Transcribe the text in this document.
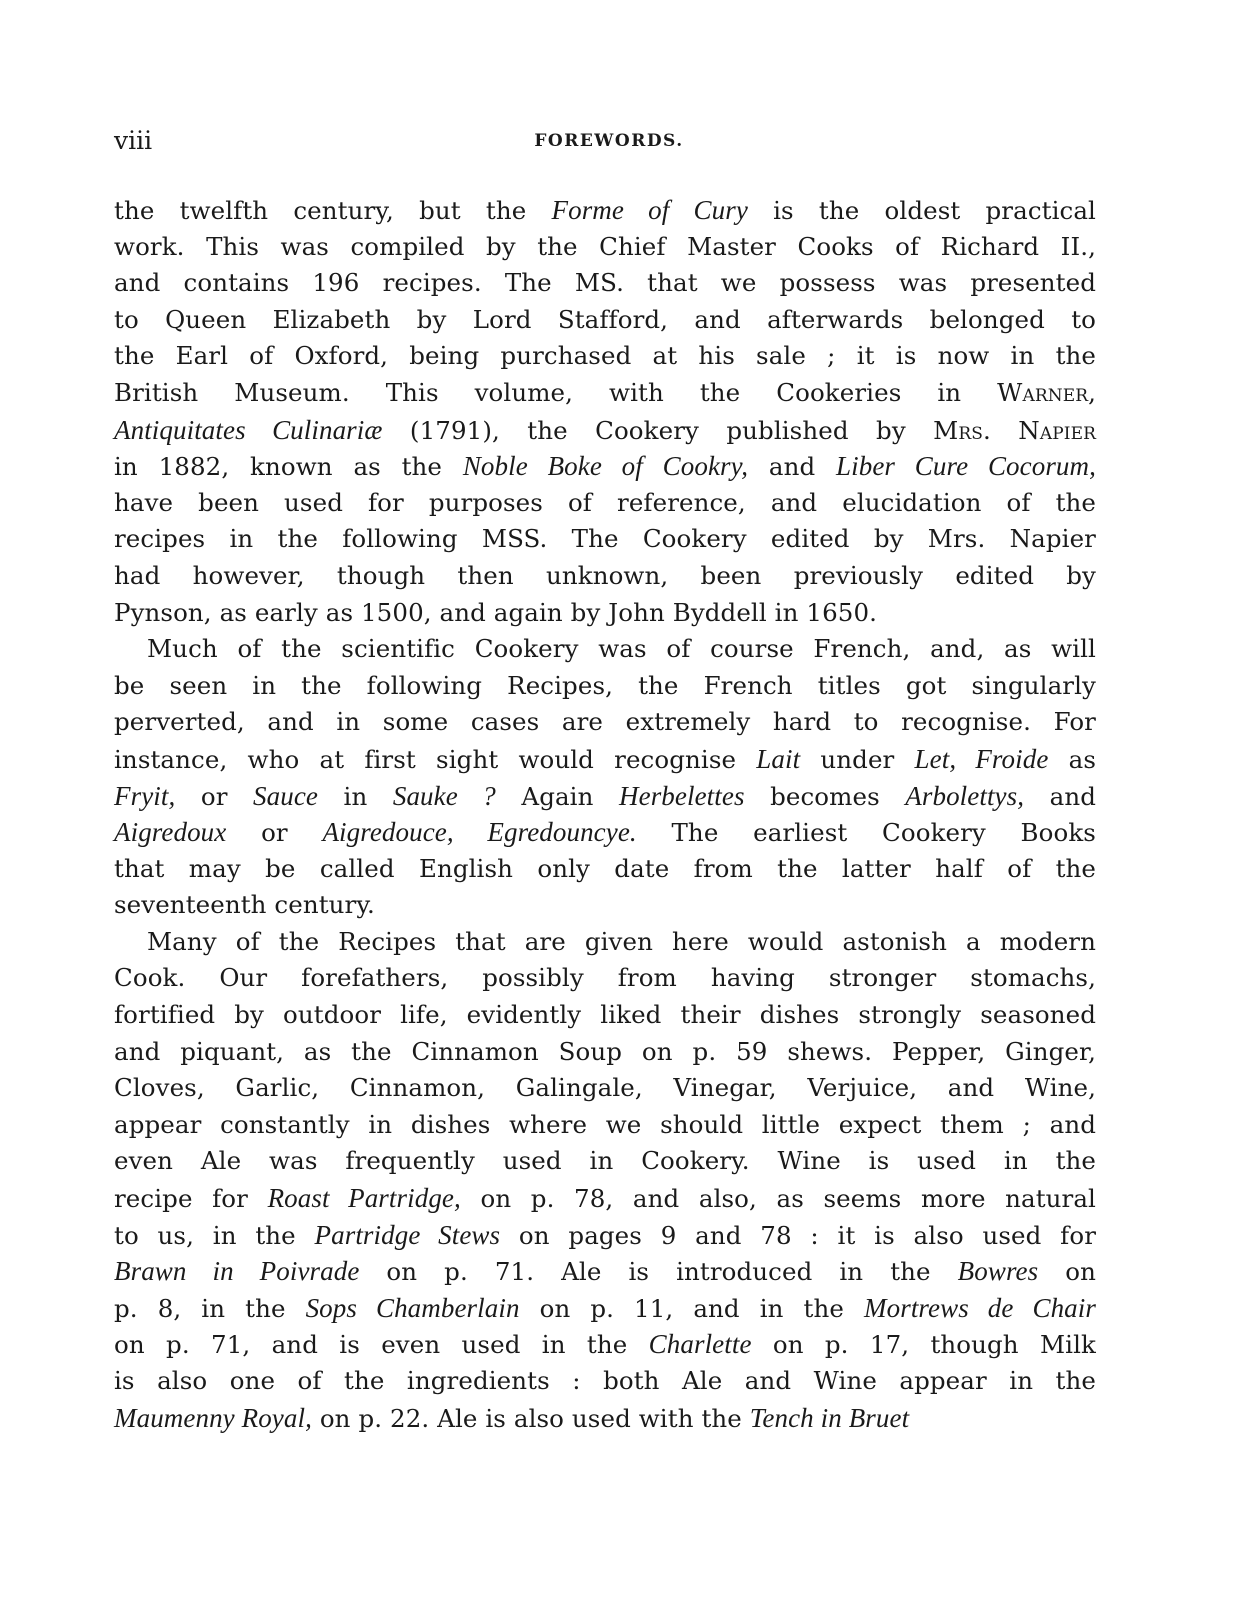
viii	FOREWORDS.
the twelfth century, but the Forme of Cury is the oldest practical
work. This was compiled by the Chief Master Cooks of Richard II.,
and contains 196 recipes. The MS. that we possess was presented
to Queen Elizabeth by Lord Stafford, and afterwards belonged to
the Earl of Oxford, being purchased at his sale ; it is now in the
British Museum. This volume, with the Cookeries in Warner,
Antiquitates Culinariæ (1791), the Cookery published by Mrs. Napier
in 1882, known as the Noble Boke of Cookry, and Liber Cure Cocorum,
have been used for purposes of reference, and elucidation of the
recipes in the following MSS. The Cookery edited by Mrs. Napier
had however, though then unknown, been previously edited by
Pynson, as early as 1500, and again by John Byddell in 1650.
Much of the scientific Cookery was of course French, and, as will
be seen in the following Recipes, the French titles got singularly
perverted, and in some cases are extremely hard to recognise. For
instance, who at first sight would recognise Lait under Let, Froide as
Fryit, or Sauce in Sauke ? Again Herbelettes becomes Arbolettys, and
Aigredoux or Aigredouce, Egredouncye. The earliest Cookery Books
that may be called English only date from the latter half of the
seventeenth century.
Many of the Recipes that are given here would astonish a modern
Cook. Our forefathers, possibly from having stronger stomachs,
fortified by outdoor life, evidently liked their dishes strongly seasoned
and piquant, as the Cinnamon Soup on p. 59 shews. Pepper, Ginger,
Cloves, Garlic, Cinnamon, Galingale, Vinegar, Verjuice, and Wine,
appear constantly in dishes where we should little expect them ; and
even Ale was frequently used in Cookery. Wine is used in the
recipe for Roast Partridge, on p. 78, and also, as seems more natural
to us, in the Partridge Stews on pages 9 and 78 : it is also used for
Brawn in Poivrade on p. 71. Ale is introduced in the Bowres on
p. 8, in the Sops Chamberlain on p. 11, and in the Mortrews de Chair
on p. 71, and is even used in the Charlette on p. 17, though Milk
is also one of the ingredients : both Ale and Wine appear in the
Maumenny Royal, on p. 22. Ale is also used with the Tench in Bruet
